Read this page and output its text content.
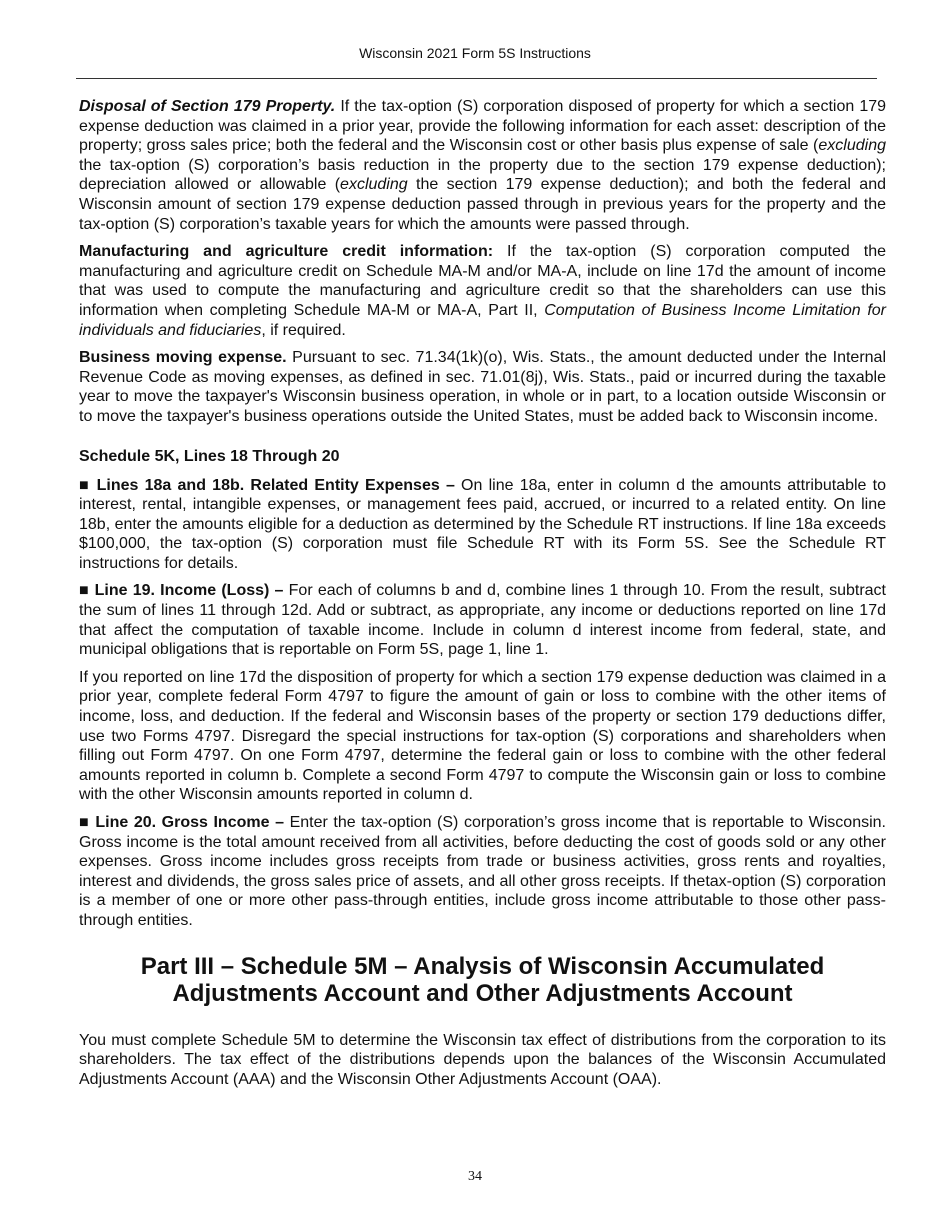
Wisconsin 2021 Form 5S Instructions

Disposal of Section 179 Property. If the tax-option (S) corporation disposed of property for which a section 179 expense deduction was claimed in a prior year, provide the following information for each asset: description of the property; gross sales price; both the federal and the Wisconsin cost or other basis plus expense of sale (excluding the tax-option (S) corporation’s basis reduction in the property due to the section 179 expense deduction); depreciation allowed or allowable (excluding the section 179 expense deduction); and both the federal and Wisconsin amount of section 179 expense deduction passed through in previous years for the property and the tax-option (S) corporation’s taxable years for which the amounts were passed through.

Manufacturing and agriculture credit information: If the tax-option (S) corporation computed the manufacturing and agriculture credit on Schedule MA-M and/or MA-A, include on line 17d the amount of income that was used to compute the manufacturing and agriculture credit so that the shareholders can use this information when completing Schedule MA-M or MA-A, Part II, Computation of Business Income Limitation for individuals and fiduciaries, if required.

Business moving expense. Pursuant to sec. 71.34(1k)(o), Wis. Stats., the amount deducted under the Internal Revenue Code as moving expenses, as defined in sec. 71.01(8j), Wis. Stats., paid or incurred during the taxable year to move the taxpayer's Wisconsin business operation, in whole or in part, to a location outside Wisconsin or to move the taxpayer's business operations outside the United States, must be added back to Wisconsin income.

Schedule 5K, Lines 18 Through 20

■ Lines 18a and 18b. Related Entity Expenses – On line 18a, enter in column d the amounts attributable to interest, rental, intangible expenses, or management fees paid, accrued, or incurred to a related entity. On line 18b, enter the amounts eligible for a deduction as determined by the Schedule RT instructions. If line 18a exceeds $100,000, the tax-option (S) corporation must file Schedule RT with its Form 5S. See the Schedule RT instructions for details.

■ Line 19. Income (Loss) – For each of columns b and d, combine lines 1 through 10. From the result, subtract the sum of lines 11 through 12d. Add or subtract, as appropriate, any income or deductions reported on line 17d that affect the computation of taxable income. Include in column d interest income from federal, state, and municipal obligations that is reportable on Form 5S, page 1, line 1.

If you reported on line 17d the disposition of property for which a section 179 expense deduction was claimed in a prior year, complete federal Form 4797 to figure the amount of gain or loss to combine with the other items of income, loss, and deduction. If the federal and Wisconsin bases of the property or section 179 deductions differ, use two Forms 4797. Disregard the special instructions for tax-option (S) corporations and shareholders when filling out Form 4797. On one Form 4797, determine the federal gain or loss to combine with the other federal amounts reported in column b. Complete a second Form 4797 to compute the Wisconsin gain or loss to combine with the other Wisconsin amounts reported in column d.

■ Line 20. Gross Income – Enter the tax-option (S) corporation’s gross income that is reportable to Wisconsin. Gross income is the total amount received from all activities, before deducting the cost of goods sold or any other expenses. Gross income includes gross receipts from trade or business activities, gross rents and royalties, interest and dividends, the gross sales price of assets, and all other gross receipts. If thetax-option (S) corporation is a member of one or more other pass-through entities, include gross income attributable to those other pass-through entities.

Part III – Schedule 5M – Analysis of Wisconsin Accumulated
Adjustments Account and Other Adjustments Account

You must complete Schedule 5M to determine the Wisconsin tax effect of distributions from the corporation to its shareholders. The tax effect of the distributions depends upon the balances of the Wisconsin Accumulated Adjustments Account (AAA) and the Wisconsin Other Adjustments Account (OAA).

34
